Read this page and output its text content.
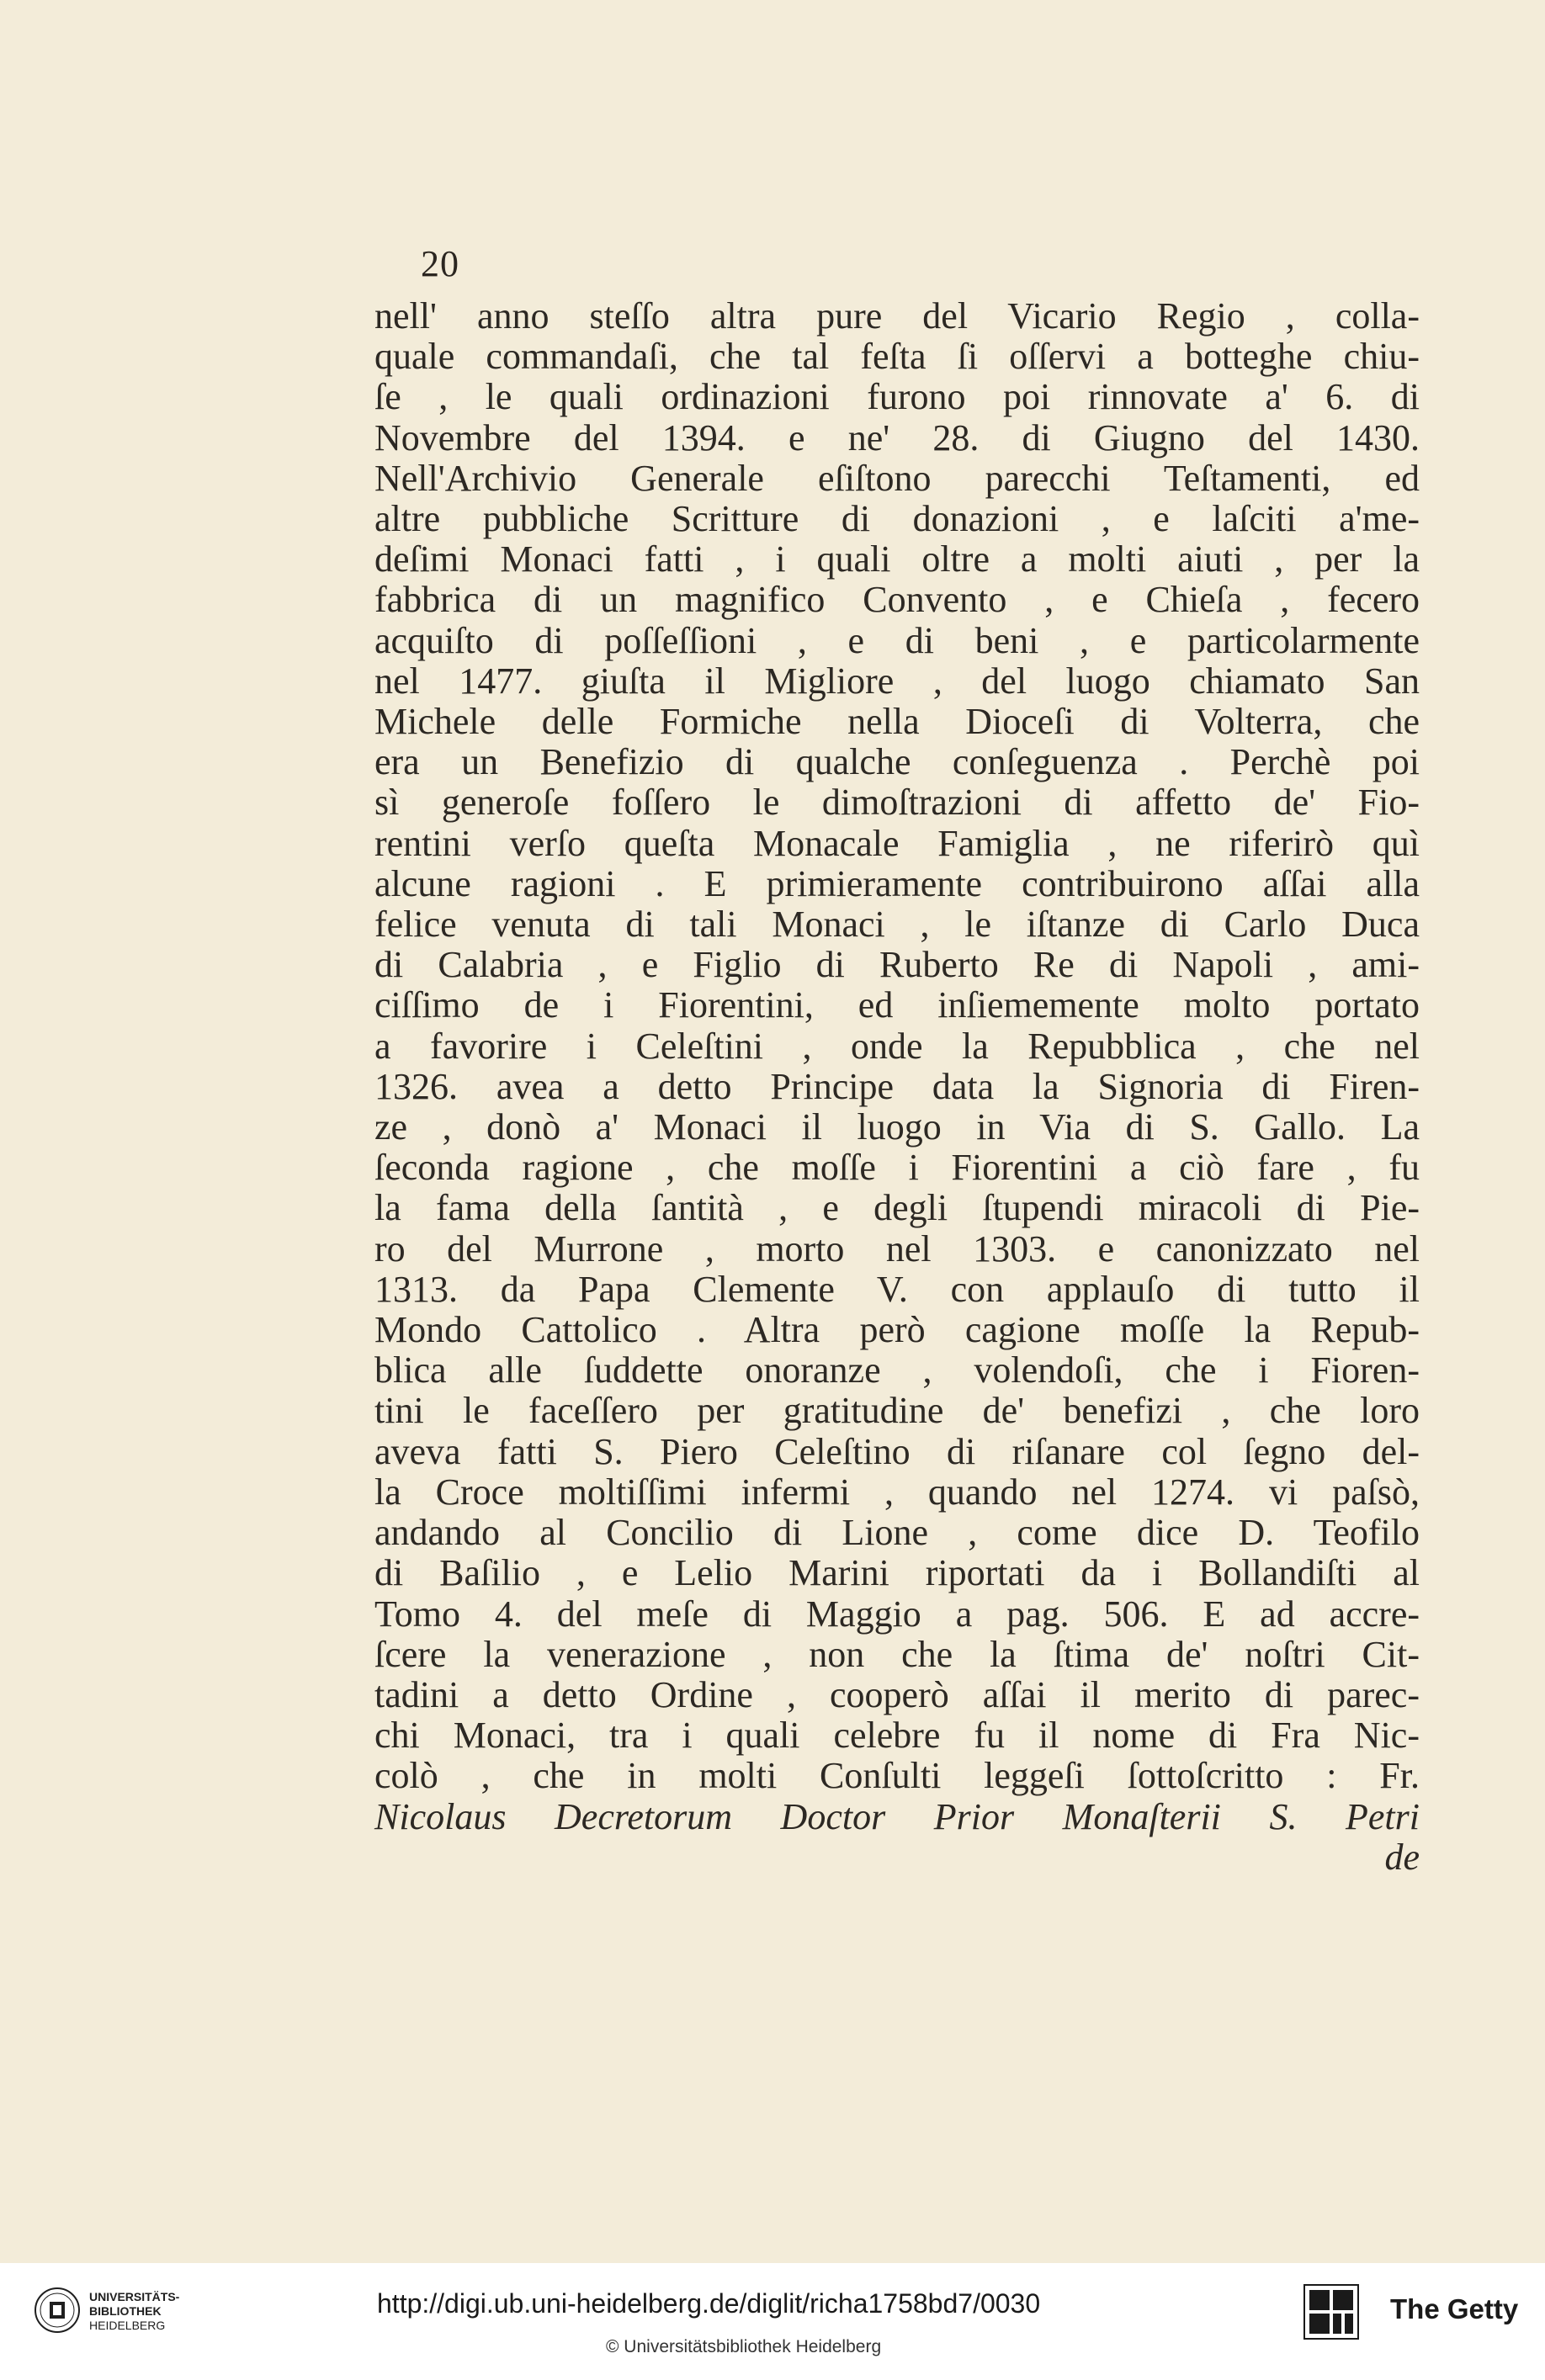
20
nell' anno steſſo altra pure del Vicario Regio , colla-
quale commandaſi, che tal feſta ſi oſſervi a botteghe chiu-
ſe , le quali ordinazioni furono poi rinnovate a' 6. di
Novembre del 1394. e ne' 28. di Giugno del 1430.
Nell'Archivio Generale eſiſtono parecchi Teſtamenti, ed
altre pubbliche Scritture di donazioni , e laſciti a'me-
deſimi Monaci fatti , i quali oltre a molti aiuti , per la
fabbrica di un magnifico Convento , e Chieſa , fecero
acquiſto di poſſeſſioni , e di beni , e particolarmente
nel 1477. giuſta il Migliore , del luogo chiamato San
Michele delle Formiche nella Dioceſi di Volterra, che
era un Benefizio di qualche conſeguenza . Perchè poi
sì generoſe foſſero le dimoſtrazioni di affetto de' Fio-
rentini verſo queſta Monacale Famiglia , ne riferirò quì
alcune ragioni . E primieramente contribuirono aſſai alla
felice venuta di tali Monaci , le iſtanze di Carlo Duca
di Calabria , e Figlio di Ruberto Re di Napoli , ami-
ciſſimo de i Fiorentini, ed inſiememente molto portato
a favorire i Celeſtini , onde la Repubblica , che nel
1326. avea a detto Principe data la Signoria di Firen-
ze , donò a' Monaci il luogo in Via di S. Gallo. La
ſeconda ragione , che moſſe i Fiorentini a ciò fare , fu
la fama della ſantità , e degli ſtupendi miracoli di Pie-
ro del Murrone , morto nel 1303. e canonizzato nel
1313. da Papa Clemente V. con applauſo di tutto il
Mondo Cattolico . Altra però cagione moſſe la Repub-
blica alle ſuddette onoranze , volendoſi, che i Fioren-
tini le faceſſero per gratitudine de' benefizi , che loro
aveva fatti S. Piero Celeſtino di riſanare col ſegno del-
la Croce moltiſſimi infermi , quando nel 1274. vi paſsò,
andando al Concilio di Lione , come dice D. Teofilo
di Baſilio , e Lelio Marini riportati da i Bollandiſti al
Tomo 4. del meſe di Maggio a pag. 506. E ad accre-
ſcere la venerazione , non che la ſtima de' noſtri Cit-
tadini a detto Ordine , cooperò aſſai il merito di parec-
chi Monaci, tra i quali celebre fu il nome di Fra Nic-
colò , che in molti Conſulti leggeſi ſottoſcritto : Fr.
Nicolaus Decretorum Doctor Prior Monaſterii S. Petri
de
UNIVERSITÄTS-
BIBLIOTHEK
HEIDELBERG
http://digi.ub.uni-heidelberg.de/diglit/richa1758bd7/0030
© Universitätsbibliothek Heidelberg
The Getty
